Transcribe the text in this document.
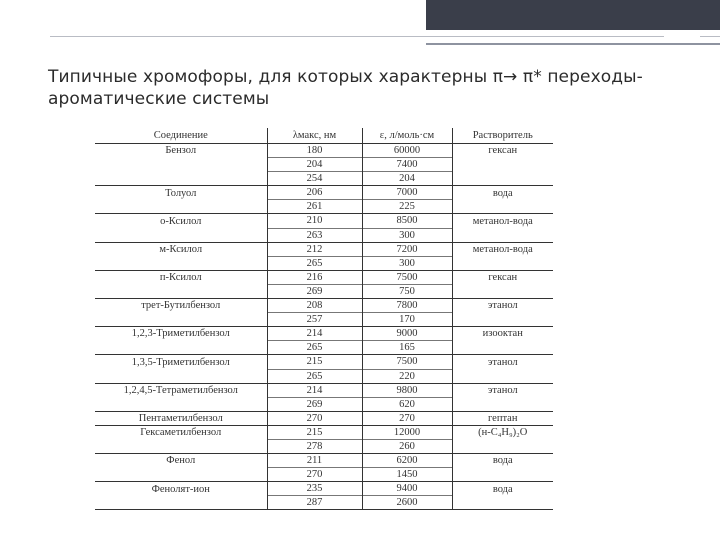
Типичные хромофоры, для которых характерны π→ π* переходы- ароматические системы
Соединение	λмакс, нм	ε, л/моль·см	Растворитель
Бензол	180	60000	гексан
	204	7400	
	254	204	
Толуол	206	7000	вода
	261	225	
о-Ксилол	210	8500	метанол-вода
	263	300	
м-Ксилол	212	7200	метанол-вода
	265	300	
п-Ксилол	216	7500	гексан
	269	750	
трет-Бутилбензол	208	7800	этанол
	257	170	
1,2,3-Триметилбензол	214	9000	изооктан
	265	165	
1,3,5-Триметилбензол	215	7500	этанол
	265	220	
1,2,4,5-Тетраметилбензол	214	9800	этанол
	269	620	
Пентаметилбензол	270	270	гептан
Гексаметилбензол	215	12000	(н-C₄H₉)₂O
	278	260	
Фенол	211	6200	вода
	270	1450	
Фенолят-ион	235	9400	вода
	287	2600	
